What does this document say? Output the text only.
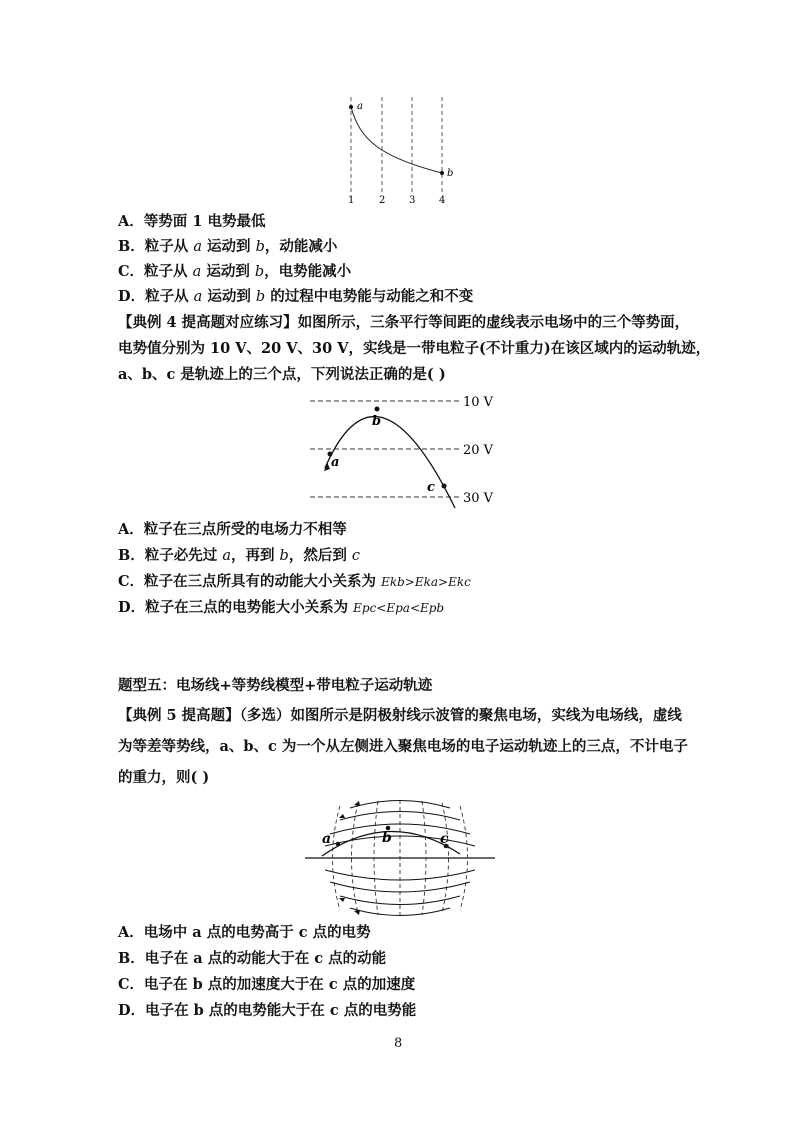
a
b
1 2 3 4
A．等势面 1 电势最低
B．粒子从 a 运动到 b，动能减小
C．粒子从 a 运动到 b，电势能减小
D．粒子从 a 运动到 b 的过程中电势能与动能之和不变
【典例 4 提高题对应练习】如图所示，三条平行等间距的虚线表示电场中的三个等势面，
电势值分别为 10 V、20 V、30 V，实线是一带电粒子(不计重力)在该区域内的运动轨迹，
a、b、c 是轨迹上的三个点，下列说法正确的是( )
a
b
c
10 V
20 V
30 V
A．粒子在三点所受的电场力不相等
B．粒子必先过 a，再到 b，然后到 c
C．粒子在三点所具有的动能大小关系为 Ekb>Eka>Ekc
D．粒子在三点的电势能大小关系为 Epc<Epa<Epb
题型五：电场线+等势线模型+带电粒子运动轨迹
【典例 5 提高题】（多选）如图所示是阴极射线示波管的聚焦电场，实线为电场线，虚线
为等差等势线，a、b、c 为一个从左侧进入聚焦电场的电子运动轨迹上的三点，不计电子
的重力，则( )
a	b	c
A．电场中 a 点的电势高于 c 点的电势
B．电子在 a 点的动能大于在 c 点的动能
C．电子在 b 点的加速度大于在 c 点的加速度
D．电子在 b 点的电势能大于在 c 点的电势能
8
